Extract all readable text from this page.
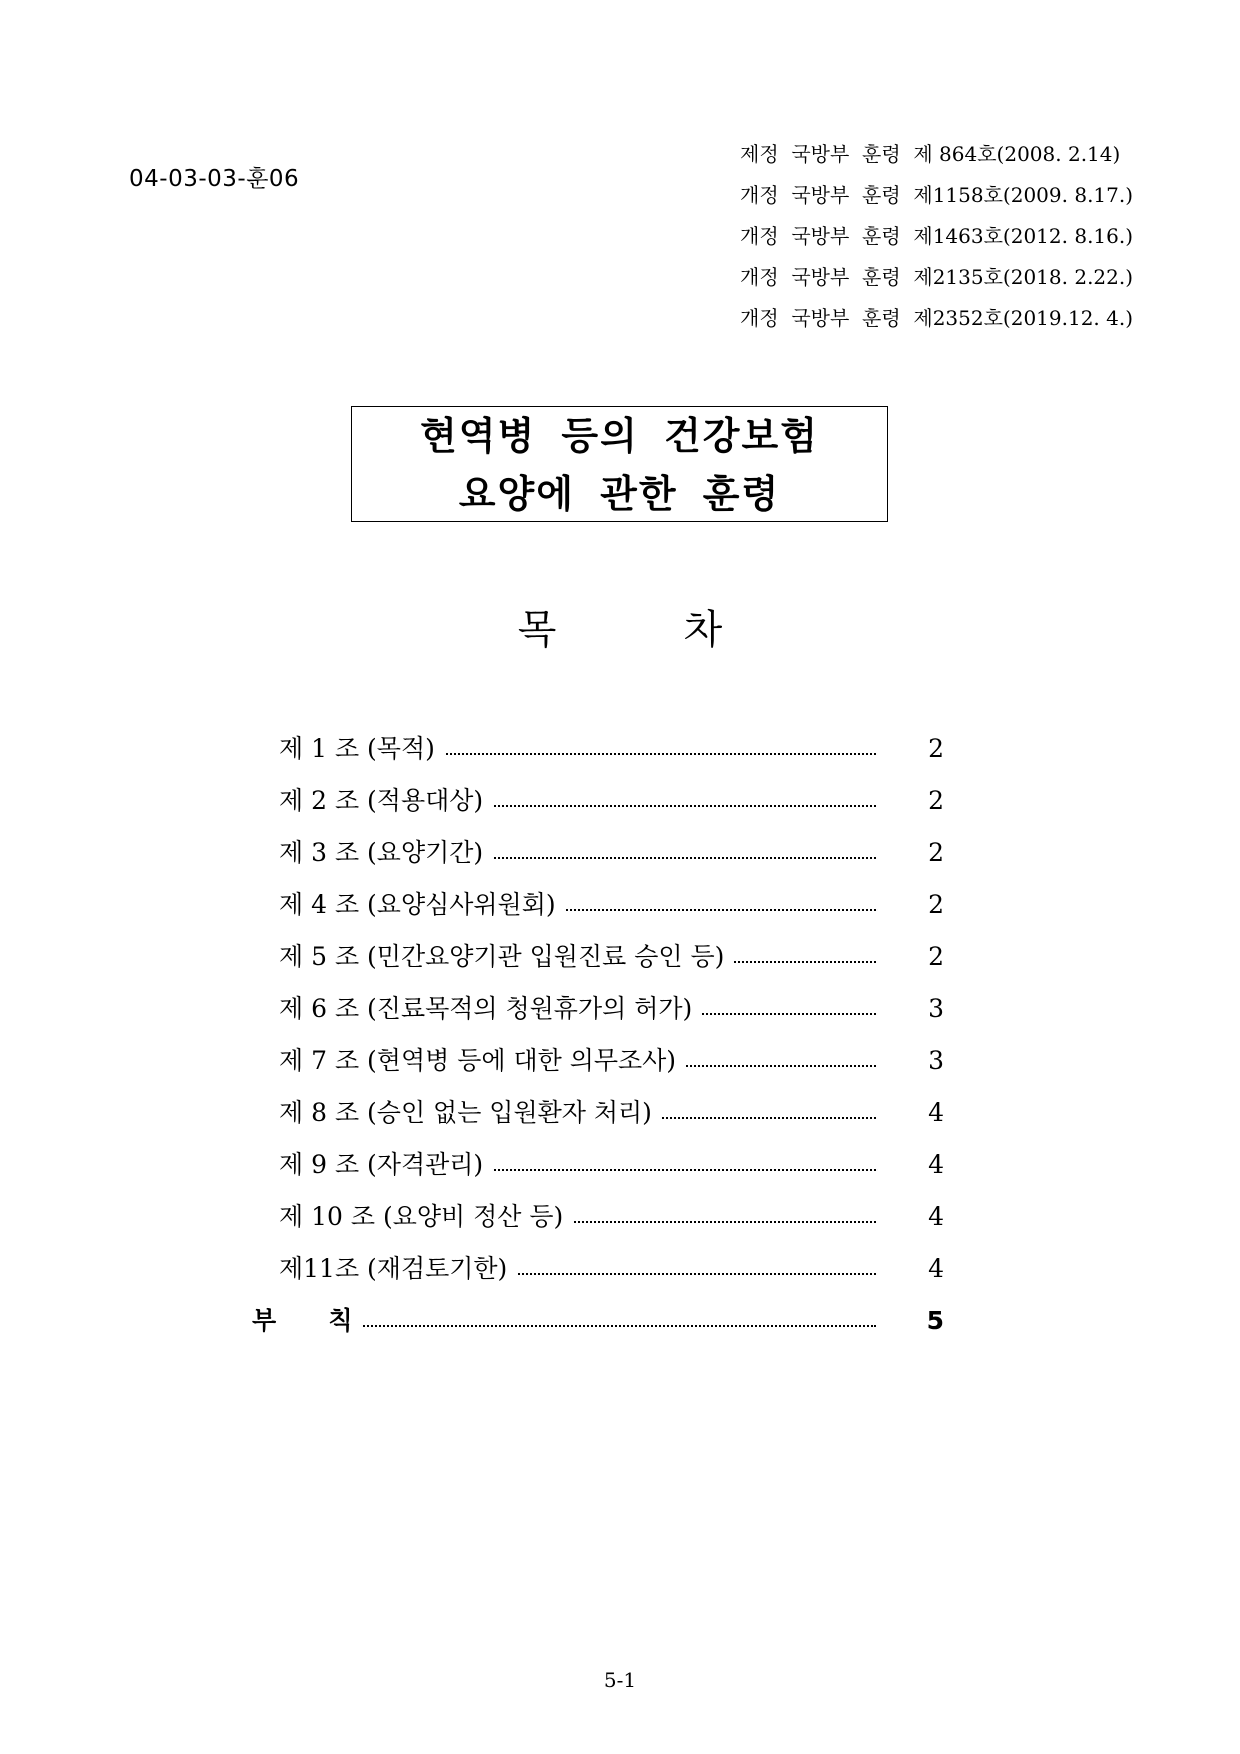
04-03-03-훈06
제정  국방부  훈령  제 864호(2008. 2.14)
개정  국방부  훈령  제1158호(2009. 8.17.)
개정  국방부  훈령  제1463호(2012. 8.16.)
개정  국방부  훈령  제2135호(2018. 2.22.)
개정  국방부  훈령  제2352호(2019.12. 4.)
현역병 등의 건강보험
요양에 관한 훈령
목          차
제 1 조 (목적)	2
제 2 조 (적용대상)	2
제 3 조 (요양기간)	2
제 4 조 (요양심사위원회)	2
제 5 조 (민간요양기관 입원진료 승인 등)	2
제 6 조 (진료목적의 청원휴가의 허가)	3
제 7 조 (현역병 등에 대한 의무조사)	3
제 8 조 (승인 없는 입원환자 처리)	4
제 9 조 (자격관리)	4
제 10 조 (요양비 정산 등)	4
제11조 (재검토기한)	4
부      칙	5
5-1
